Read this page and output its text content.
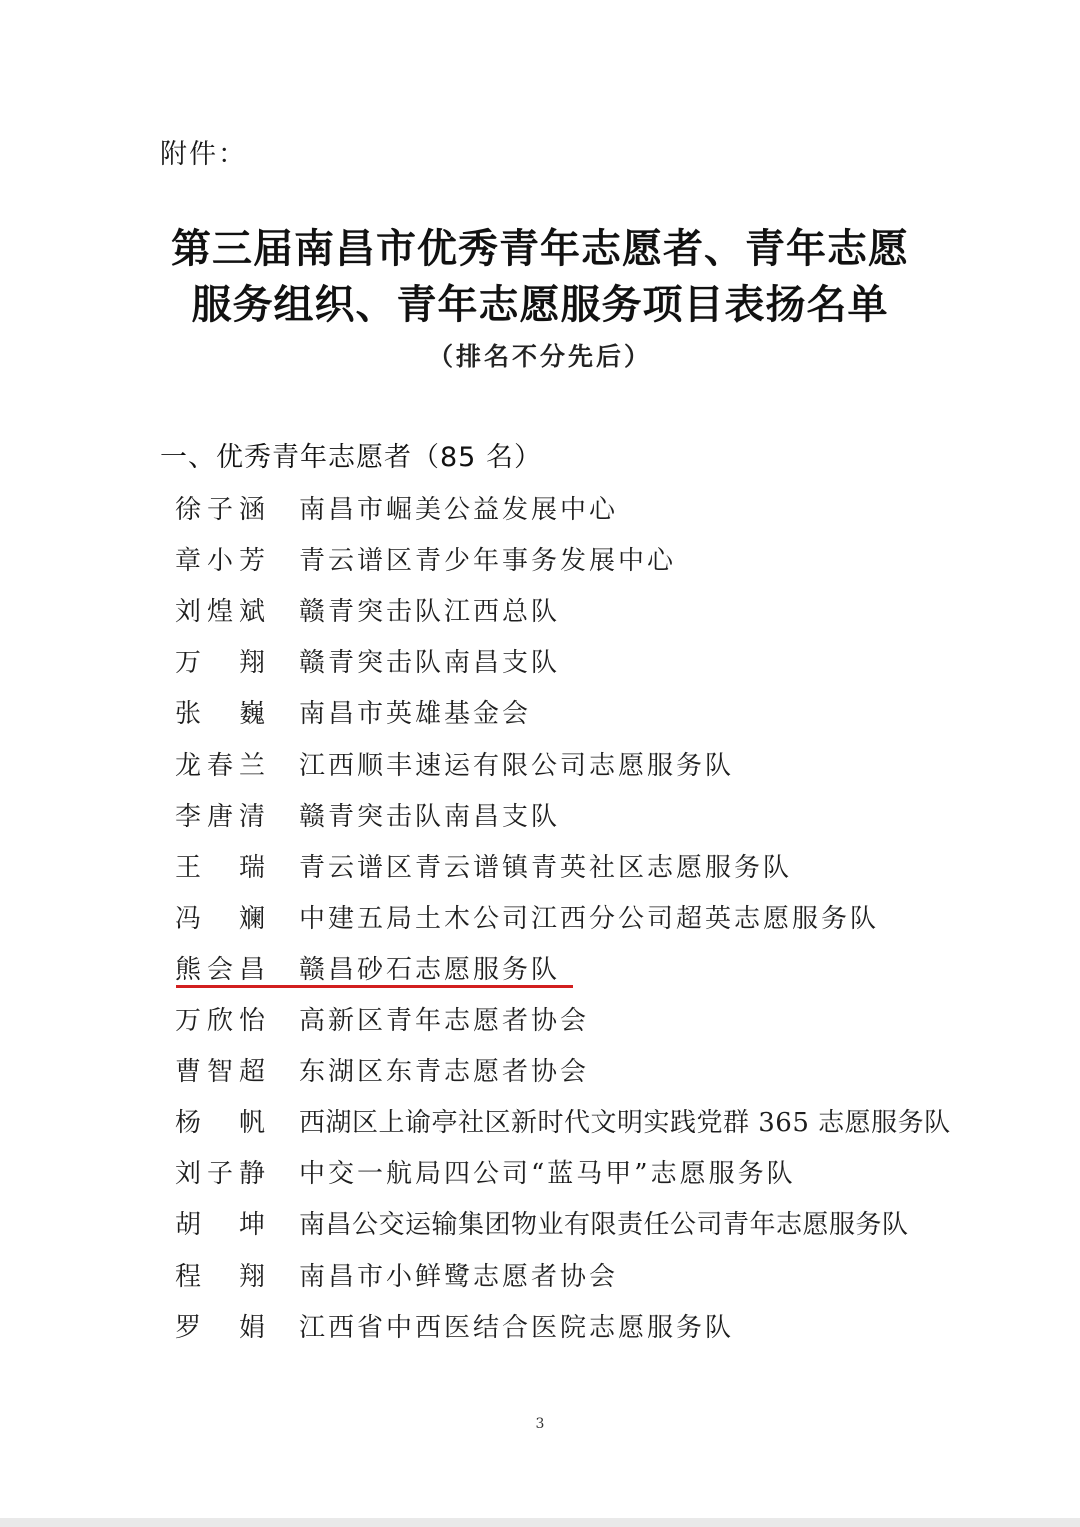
附件：
第三届南昌市优秀青年志愿者、青年志愿
服务组织、青年志愿服务项目表扬名单
（排名不分先后）
一、优秀青年志愿者（85 名）
徐 子 涵 南昌市崛美公益发展中心
章 小 芳 青云谱区青少年事务发展中心
刘 煌 斌 赣青突击队江西总队
万 翔 赣青突击队南昌支队
张 巍 南昌市英雄基金会
龙 春 兰 江西顺丰速运有限公司志愿服务队
李 唐 清 赣青突击队南昌支队
王 瑞 青云谱区青云谱镇青英社区志愿服务队
冯 斓 中建五局土木公司江西分公司超英志愿服务队
熊 会 昌 赣昌砂石志愿服务队
万 欣 怡 高新区青年志愿者协会
曹 智 超 东湖区东青志愿者协会
杨 帆 西湖区上谕亭社区新时代文明实践党群 365 志愿服务队
刘 子 静 中交一航局四公司“蓝马甲”志愿服务队
胡 坤 南昌公交运输集团物业有限责任公司青年志愿服务队
程 翔 南昌市小鲜鹭志愿者协会
罗 娟 江西省中西医结合医院志愿服务队
3
